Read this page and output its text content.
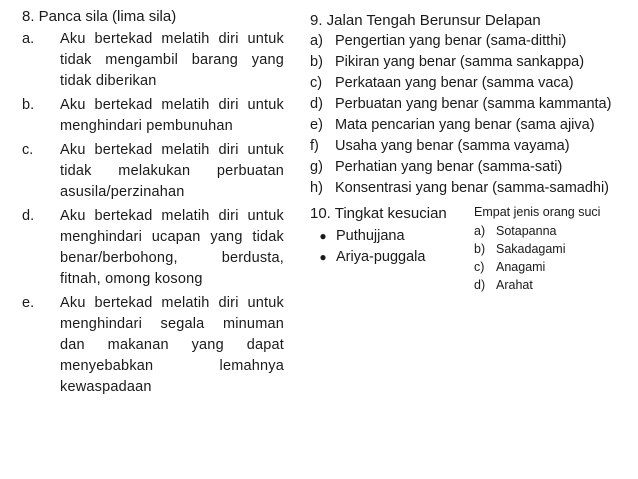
8. Panca sila (lima sila)

a.	Aku bertekad melatih diri untuk tidak mengambil barang yang tidak diberikan
b.	Aku bertekad melatih diri untuk menghindari pembunuhan
c.	Aku bertekad melatih diri untuk tidak melakukan perbuatan asusila/perzinahan
d.	Aku bertekad melatih diri untuk menghindari ucapan yang tidak benar/berbohong, berdusta, fitnah, omong kosong
e.	Aku bertekad melatih diri untuk menghindari segala minuman dan makanan yang dapat menyebabkan lemahnya kewaspadaan

9. Jalan Tengah Berunsur Delapan

a) Pengertian yang benar (sama-ditthi)
b) Pikiran yang benar (samma sankappa)
c) Perkataan yang benar (samma vaca)
d) Perbuatan yang benar (samma kammanta)
e) Mata pencarian yang benar (sama ajiva)
f)	Usaha yang benar (samma vayama)
g) Perhatian yang benar (samma-sati)
h) Konsentrasi yang benar (samma-samadhi)
10. Tingkat kesucian
● Puthujjana
● Ariya-puggala
Empat jenis orang suci
a) Sotapanna
b) Sakadagami
c) Anagami
d) Arahat
